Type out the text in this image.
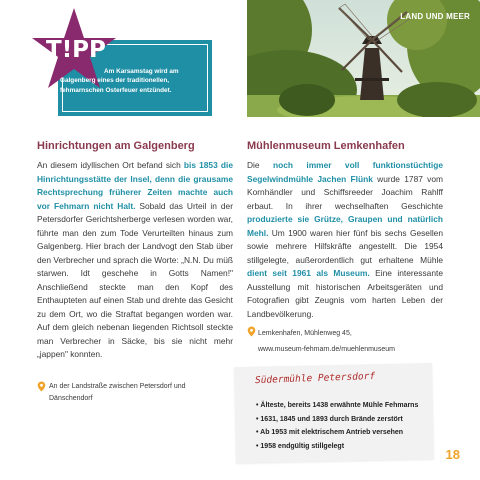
T!PP
Am Karsamstag wird am
Galgenberg eines der traditionellen,
fehmarnschen Osterfeuer entzündet.
LAND UND MEER
Hinrichtungen am Galgenberg

An diesem idyllischen Ort befand sich bis 1853 die Hinrichtungsstätte der Insel, denn die grausame Rechtsprechung früherer Zeiten machte auch vor Fehmarn nicht Halt. Sobald das Urteil in der Petersdorfer Gerichtsherberge verlesen worden war, führte man den zum Tode Verurteilten hinaus zum Galgenberg. Hier brach der Landvogt den Stab über den Verbrecher und sprach die Worte: „N.N. Du müß starwen. Idt geschehe in Gotts Namen!" Anschließend steckte man den Kopf des Enthaupteten auf einen Stab und drehte das Gesicht zu dem Ort, wo die Straftat begangen worden war. Auf dem gleich nebenan liegenden Richtsoll steckte man Verbrecher in Säcke, bis sie nicht mehr „jappen" konnten.

An der Landstraße zwischen Petersdorf und
Dänschendorf
Mühlenmuseum Lemkenhafen

Die noch immer voll funktionstüchtige Segelwindmühle Jachen Flünk wurde 1787 vom Kornhändler und Schiffsreeder Joachim Rahlff erbaut. In ihrer wechselhaften Geschichte produzierte sie Grütze, Graupen und natürlich Mehl. Um 1900 waren hier fünf bis sechs Gesellen sowie mehrere Hilfskräfte angestellt. Die 1954 stillgelegte, außerordentlich gut erhaltene Mühle dient seit 1961 als Museum. Eine interessante Ausstellung mit historischen Arbeitsgeräten und Fotografien gibt Zeugnis vom harten Leben der Landbevölkerung.

Lemkenhafen, Mühlenweg 45,
www.museum-fehmarn.de/muehlenmuseum
Südermühle Petersdorf
• Älteste, bereits 1438 erwähnte Mühle Fehmarns
• 1631, 1845 und 1893 durch Brände zerstört
• Ab 1953 mit elektrischem Antrieb versehen
• 1958 endgültig stillgelegt
18
